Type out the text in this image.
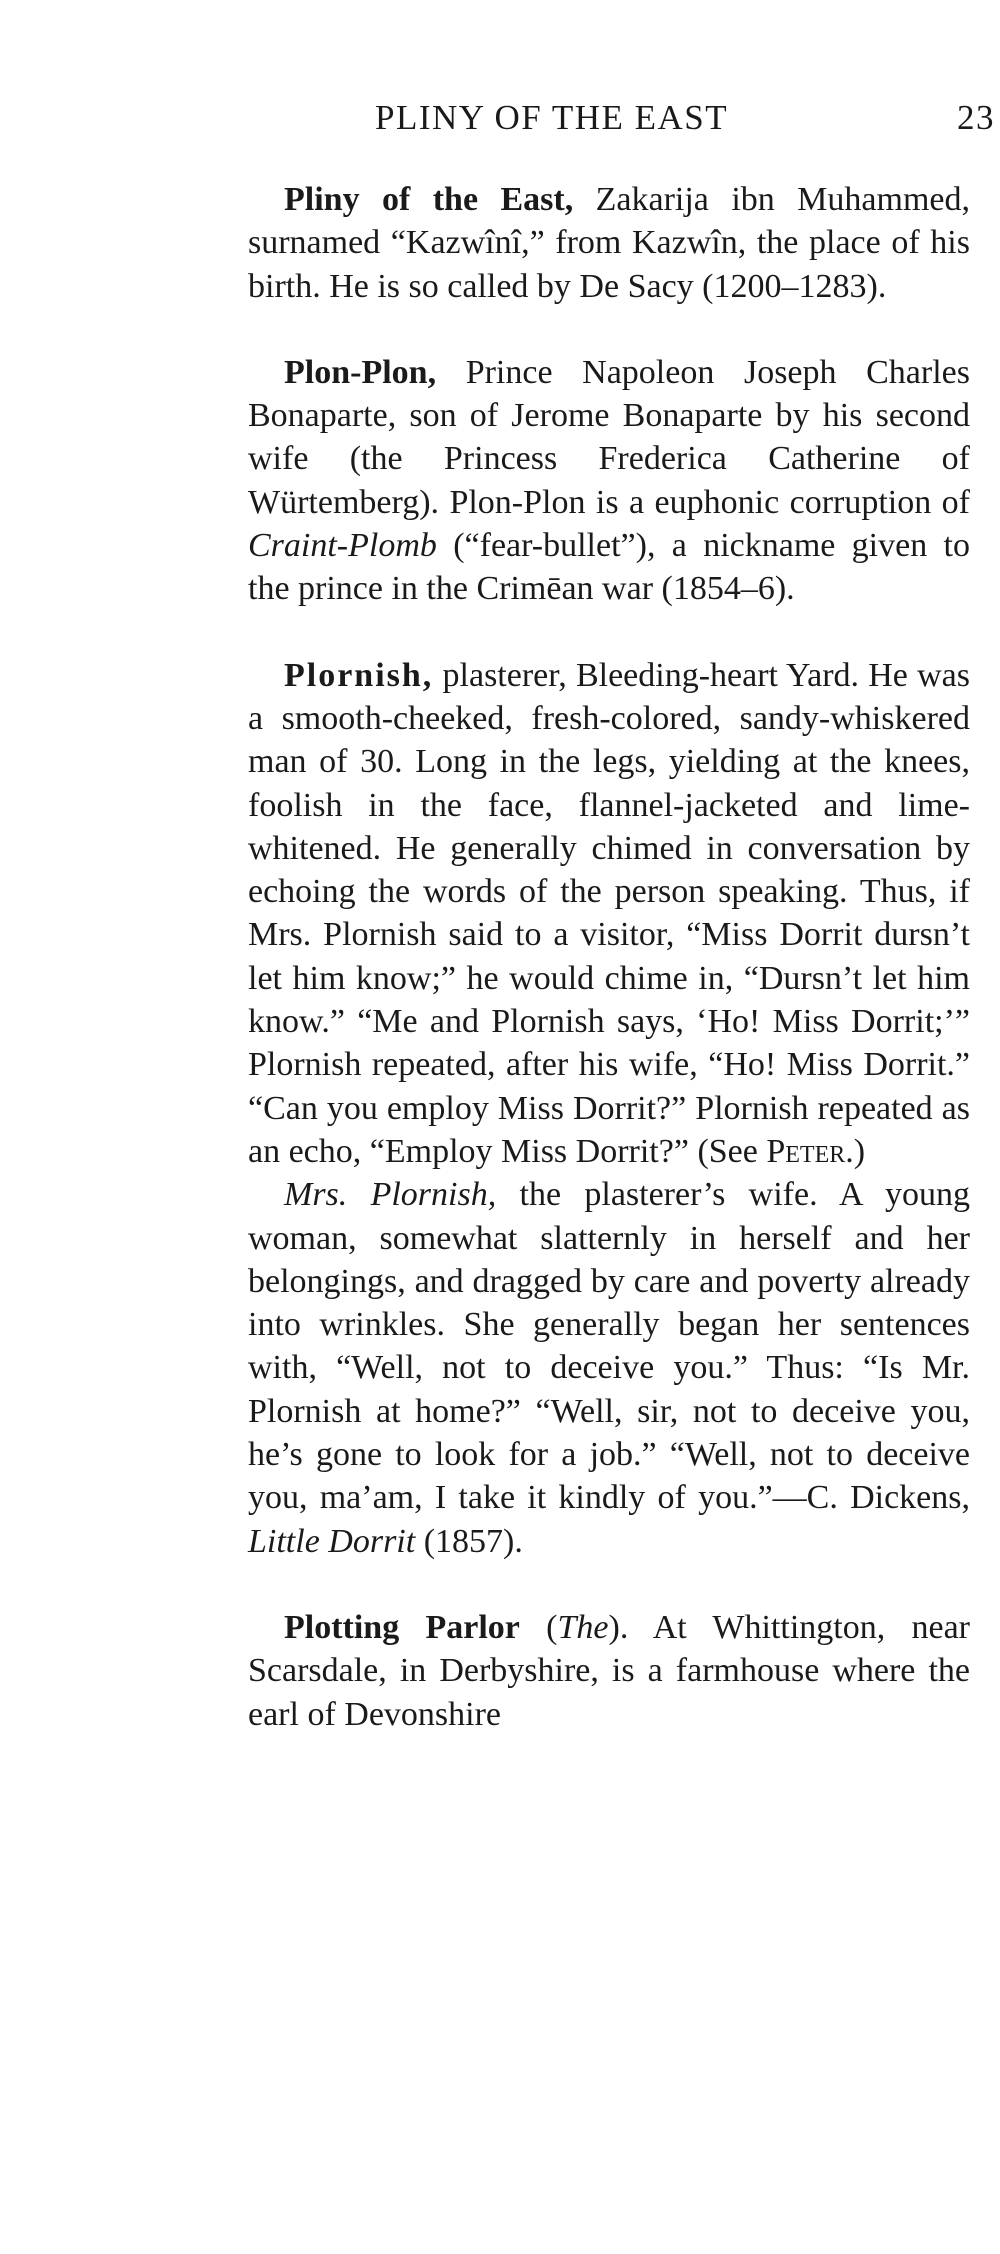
PLINY OF THE EAST	23

Pliny of the East, Zakarija ibn Muhammed, surnamed “Kazwînî,” from Kazwîn, the place of his birth. He is so called by De Sacy (1200–1283).

Plon-Plon, Prince Napoleon Joseph Charles Bonaparte, son of Jerome Bonaparte by his second wife (the Princess Frederica Catherine of Würtemberg). Plon-Plon is a euphonic corruption of Craint-Plomb (“fear-bullet”), a nickname given to the prince in the Crimēan war (1854–6).

Plornish, plasterer, Bleeding-heart Yard. He was a smooth-cheeked, fresh-colored, sandy-whiskered man of 30. Long in the legs, yielding at the knees, foolish in the face, flannel-jacketed and lime-whitened. He generally chimed in conversation by echoing the words of the person speaking. Thus, if Mrs. Plornish said to a visitor, “Miss Dorrit dursn’t let him know;” he would chime in, “Dursn’t let him know.” “Me and Plornish says, ‘Ho! Miss Dorrit;’” Plornish repeated, after his wife, “Ho! Miss Dorrit.” “Can you employ Miss Dorrit?” Plornish repeated as an echo, “Employ Miss Dorrit?” (See Peter.)

Mrs. Plornish, the plasterer’s wife. A young woman, somewhat slatternly in herself and her belongings, and dragged by care and poverty already into wrinkles. She generally began her sentences with, “Well, not to deceive you.” Thus: “Is Mr. Plornish at home?” “Well, sir, not to deceive you, he’s gone to look for a job.” “Well, not to deceive you, ma’am, I take it kindly of you.”—C. Dickens, Little Dorrit (1857).

Plotting Parlor (The). At Whittington, near Scarsdale, in Derbyshire, is a farmhouse where the earl of Devonshire
